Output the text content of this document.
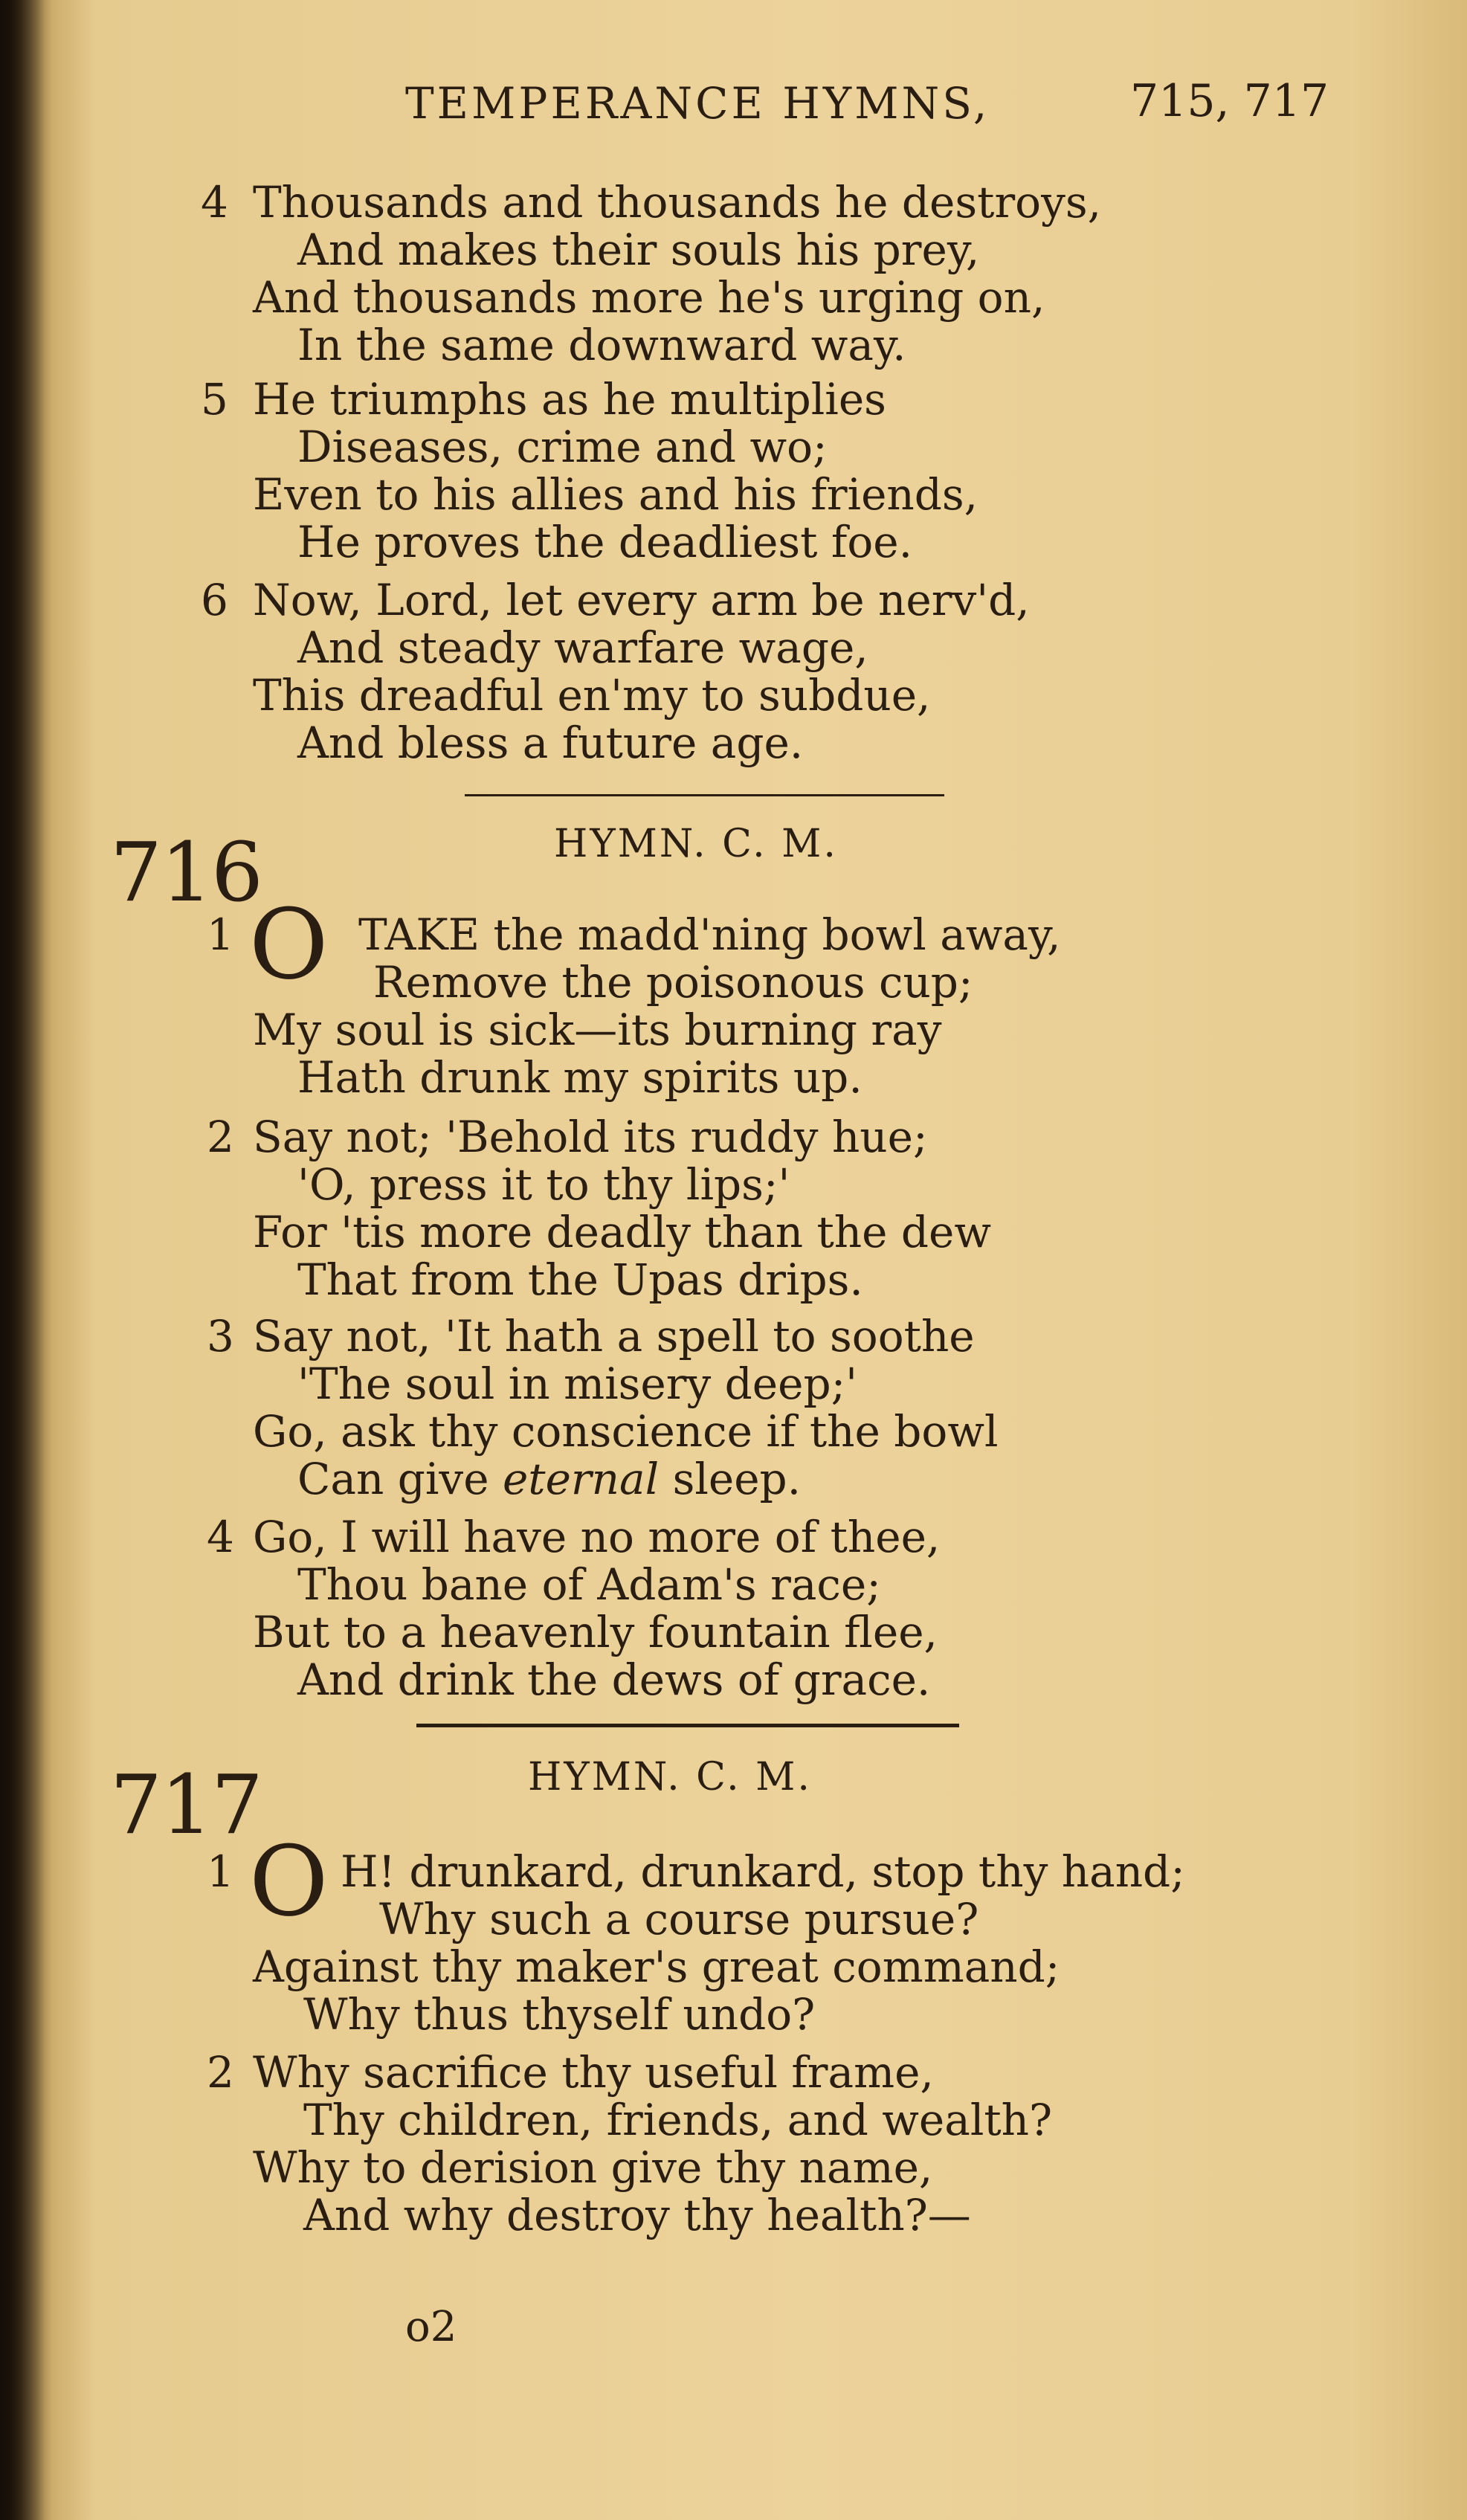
TEMPERANCE HYMNS,	715, 717
4 Thousands and thousands he destroys,
And makes their souls his prey,
And thousands more he's urging on,
In the same downward way.
5 He triumphs as he multiplies
Diseases, crime and wo;
Even to his allies and his friends,
He proves the deadliest foe.
6 Now, Lord, let every arm be nerv'd,
And steady warfare wage,
This dreadful en'my to subdue,
And bless a future age.
716	HYMN. C. M.
1 O TAKE the madd'ning bowl away,
Remove the poisonous cup;
My soul is sick—its burning ray
Hath drunk my spirits up.
2 Say not; 'Behold its ruddy hue;
'O, press it to thy lips;'
For 'tis more deadly than the dew
That from the Upas drips.
3 Say not, 'It hath a spell to soothe
'The soul in misery deep;'
Go, ask thy conscience if the bowl
Can give eternal sleep.
4 Go, I will have no more of thee,
Thou bane of Adam's race;
But to a heavenly fountain flee,
And drink the dews of grace.
717	HYMN. C. M.
1 O H! drunkard, drunkard, stop thy hand;
Why such a course pursue?
Against thy maker's great command;
Why thus thyself undo?
2 Why sacrifice thy useful frame,
Thy children, friends, and wealth?
Why to derision give thy name,
And why destroy thy health?—
o2
